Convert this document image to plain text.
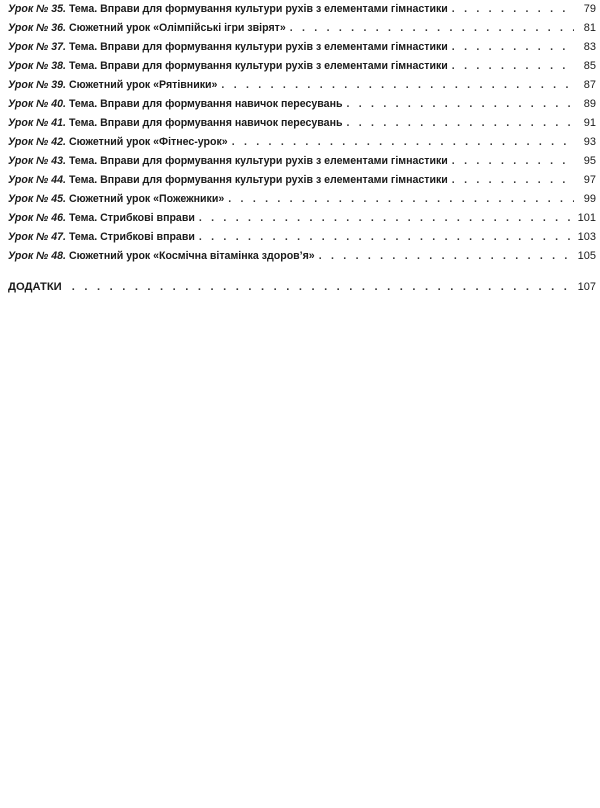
Урок № 35. Тема. Вправи для формування культури рухів з елементами гімнастики . . .	79
Урок № 36. Сюжетний урок «Олімпійські ігри звірят» . . .	81
Урок № 37. Тема. Вправи для формування культури рухів з елементами гімнастики . . .	83
Урок № 38. Тема. Вправи для формування культури рухів з елементами гімнастики . . .	85
Урок № 39. Сюжетний урок «Рятівники» . . .	87
Урок № 40. Тема. Вправи для формування навичок пересувань . . .	89
Урок № 41. Тема. Вправи для формування навичок пересувань . . .	91
Урок № 42. Сюжетний урок «Фітнес-урок» . . .	93
Урок № 43. Тема. Вправи для формування культури рухів з елементами гімнастики . . .	95
Урок № 44. Тема. Вправи для формування культури рухів з елементами гімнастики . . .	97
Урок № 45. Сюжетний урок «Пожежники» . . .	99
Урок № 46. Тема. Стрибкові вправи . . .	101
Урок № 47. Тема. Стрибкові вправи . . .	103
Урок № 48. Сюжетний урок «Космічна вітамінка здоров’я» . . .	105
ДОДАТКИ . . .	107
